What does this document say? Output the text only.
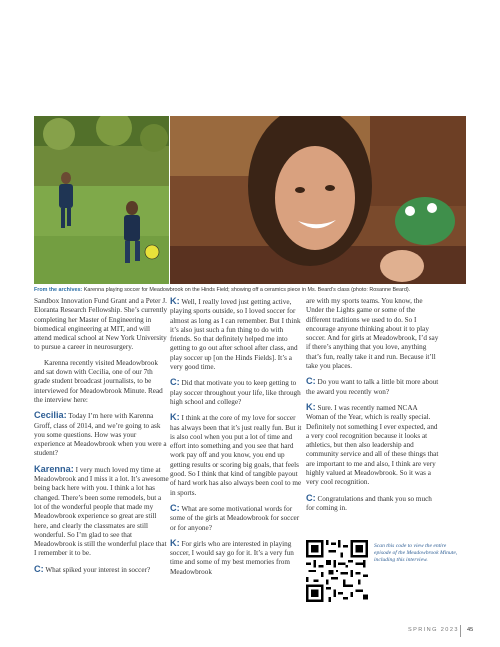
From the archives: Karenna playing soccer for Meadowbrook on the Hinds Field; showing off a ceramics piece in Ms. Beard’s class (photo: Rosanne Beard).

Sandbox Innovation Fund Grant and a Peter J. Eloranta Research Fellowship. She’s currently completing her Master of Engineering in biomedical engineering at MIT, and will attend medical school at New York University to pursue a career in neurosurgery.

Karenna recently visited Meadowbrook and sat down with Cecilia, one of our 7th grade student broadcast journalists, to be interviewed for Meadowbrook Minute. Read the interview here:

Cecilia: Today I’m here with Karenna Groff, class of 2014, and we’re going to ask you some questions. How was your experience at Meadowbrook when you were a student?

Karenna: I very much loved my time at Meadowbrook and I miss it a lot. It’s awesome being back here with you. I think a lot has changed. There’s been some remodels, but a lot of the wonderful people that made my Meadowbrook experience so great are still here, and clearly the classmates are still wonderful. So I’m glad to see that Meadowbrook is still the wonderful place that I remember it to be.

C: What spiked your interest in soccer?

K: Well, I really loved just getting active, playing sports outside, so I loved soccer for almost as long as I can remember. But I think it’s also just such a fun thing to do with friends. So that definitely helped me into getting to go out after school after class, and play soccer up [on the Hinds Fields]. It’s a very good time.

C: Did that motivate you to keep getting to play soccer throughout your life, like through high school and college?

K: I think at the core of my love for soccer has always been that it’s just really fun. But it is also cool when you put a lot of time and effort into something and you see that hard work pay off and you know, you end up getting results or scoring big goals, that feels good. So I think that kind of tangible payout of hard work has also always been cool to me in sports.

C: What are some motivational words for some of the girls at Meadowbrook for soccer or for anyone?

K: For girls who are interested in playing soccer, I would say go for it. It’s a very fun time and some of my best memories from Meadowbrook

are with my sports teams. You know, the Under the Lights game or some of the different traditions we used to do. So I encourage anyone thinking about it to play soccer. And for girls at Meadowbrook, I’d say if there’s anything that you love, anything that’s fun, really take it and run. Because it’ll take you places.

C: Do you want to talk a little bit more about the award you recently won?

K: Sure. I was recently named NCAA Woman of the Year, which is really special. Definitely not something I ever expected, and a very cool recognition because it looks at athletics, but then also leadership and community service and all of these things that are important to me and also, I think are very highly valued at Meadowbrook. So it was a very cool recognition.

C: Congratulations and thank you so much for coming in.

Scan this code to view the entire episode of the Meadowbrook Minute, including this interview.
SPRING 2023 45
